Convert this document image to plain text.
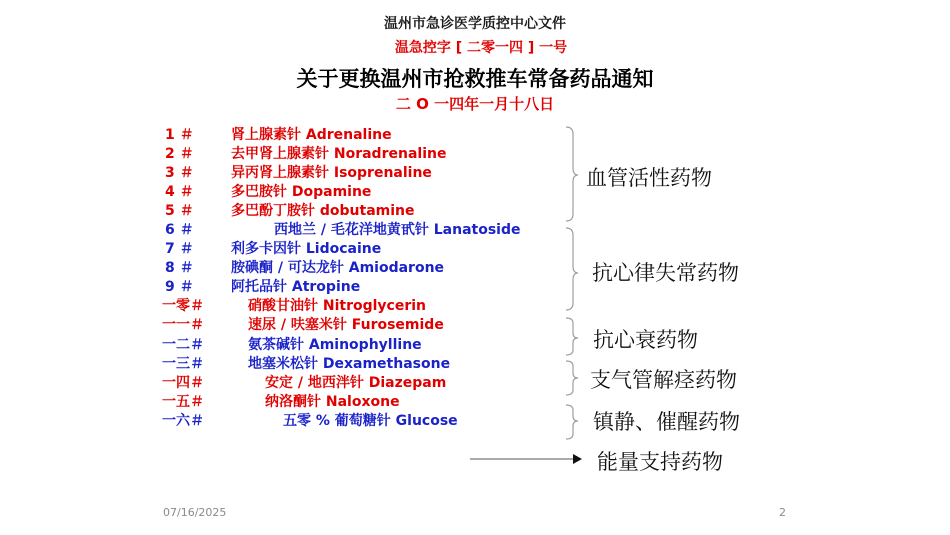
温州市急诊医学质控中心文件
温急控字 [ 二零一四 ] 一号
关于更换温州市抢救推车常备药品通知
二 O 一四年一月十八日
1 ＃	肾上腺素针 Adrenaline
2 ＃	去甲肾上腺素针 Noradrenaline
3 ＃	异丙肾上腺素针 Isoprenaline
4 ＃	多巴胺针 Dopamine
5 ＃	多巴酚丁胺针 dobutamine
6 ＃	西地兰 / 毛花洋地黄甙针 Lanatoside
7 ＃	利多卡因针 Lidocaine
8 ＃	胺碘酮 / 可达龙针 Amiodarone
9 ＃	阿托品针 Atropine
一零＃	硝酸甘油针 Nitroglycerin
一一＃	速尿 / 呋塞米针 Furosemide
一二＃	氨茶碱针 Aminophylline
一三＃	地塞米松针 Dexamethasone
一四＃	安定 / 地西泮针 Diazepam
一五＃	纳洛酮针 Naloxone
一六＃	五零 % 葡萄糖针 Glucose
血管活性药物
抗心律失常药物
抗心衰药物
支气管解痉药物
镇静、催醒药物
能量支持药物
07/16/2025	2
